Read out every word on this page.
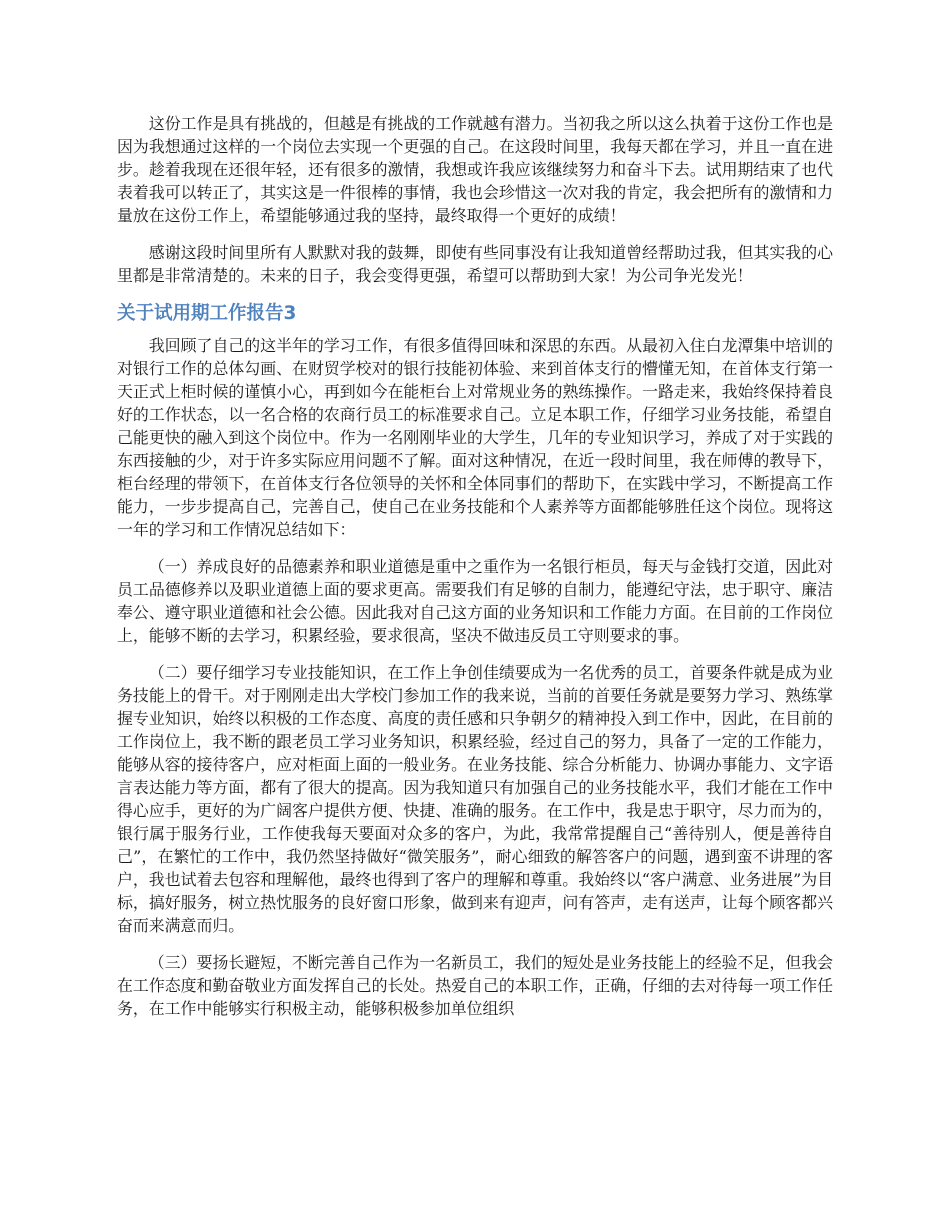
这份工作是具有挑战的，但越是有挑战的工作就越有潜力。当初我之所以这么执着于这份工作也是因为我想通过这样的一个岗位去实现一个更强的自己。在这段时间里，我每天都在学习，并且一直在进步。趁着我现在还很年轻，还有很多的激情，我想或许我应该继续努力和奋斗下去。试用期结束了也代表着我可以转正了，其实这是一件很棒的事情，我也会珍惜这一次对我的肯定，我会把所有的激情和力量放在这份工作上，希望能够通过我的坚持，最终取得一个更好的成绩！

感谢这段时间里所有人默默对我的鼓舞，即使有些同事没有让我知道曾经帮助过我，但其实我的心里都是非常清楚的。未来的日子，我会变得更强，希望可以帮助到大家！为公司争光发光！

关于试用期工作报告3

我回顾了自己的这半年的学习工作，有很多值得回味和深思的东西。从最初入住白龙潭集中培训的对银行工作的总体勾画、在财贸学校对的银行技能初体验、来到首体支行的懵懂无知，在首体支行第一天正式上柜时候的谨慎小心，再到如今在能柜台上对常规业务的熟练操作。一路走来，我始终保持着良好的工作状态，以一名合格的农商行员工的标准要求自己。立足本职工作，仔细学习业务技能，希望自己能更快的融入到这个岗位中。作为一名刚刚毕业的大学生，几年的专业知识学习，养成了对于实践的东西接触的少，对于许多实际应用问题不了解。面对这种情况，在近一段时间里，我在师傅的教导下，柜台经理的带领下，在首体支行各位领导的关怀和全体同事们的帮助下，在实践中学习，不断提高工作能力，一步步提高自己，完善自己，使自己在业务技能和个人素养等方面都能够胜任这个岗位。现将这一年的学习和工作情况总结如下：

（一）养成良好的品德素养和职业道德是重中之重作为一名银行柜员，每天与金钱打交道，因此对员工品德修养以及职业道德上面的要求更高。需要我们有足够的自制力，能遵纪守法，忠于职守、廉洁奉公、遵守职业道德和社会公德。因此我对自己这方面的业务知识和工作能力方面。在目前的工作岗位上，能够不断的去学习，积累经验，要求很高，坚决不做违反员工守则要求的事。

（二）要仔细学习专业技能知识，在工作上争创佳绩要成为一名优秀的员工，首要条件就是成为业务技能上的骨干。对于刚刚走出大学校门参加工作的我来说，当前的首要任务就是要努力学习、熟练掌握专业知识，始终以积极的工作态度、高度的责任感和只争朝夕的精神投入到工作中，因此，在目前的工作岗位上，我不断的跟老员工学习业务知识，积累经验，经过自己的努力，具备了一定的工作能力，能够从容的接待客户，应对柜面上面的一般业务。在业务技能、综合分析能力、协调办事能力、文字语言表达能力等方面，都有了很大的提高。因为我知道只有加强自己的业务技能水平，我们才能在工作中得心应手，更好的为广阔客户提供方便、快捷、准确的服务。在工作中，我是忠于职守，尽力而为的，银行属于服务行业，工作使我每天要面对众多的客户，为此，我常常提醒自己“善待别人，便是善待自己”，在繁忙的工作中，我仍然坚持做好“微笑服务”，耐心细致的解答客户的问题，遇到蛮不讲理的客户，我也试着去包容和理解他，最终也得到了客户的理解和尊重。我始终以“客户满意、业务进展”为目标，搞好服务，树立热忱服务的良好窗口形象，做到来有迎声，问有答声，走有送声，让每个顾客都兴奋而来满意而归。

（三）要扬长避短，不断完善自己作为一名新员工，我们的短处是业务技能上的经验不足，但我会在工作态度和勤奋敬业方面发挥自己的长处。热爱自己的本职工作，正确，仔细的去对待每一项工作任务，在工作中能够实行积极主动，能够积极参加单位组织
